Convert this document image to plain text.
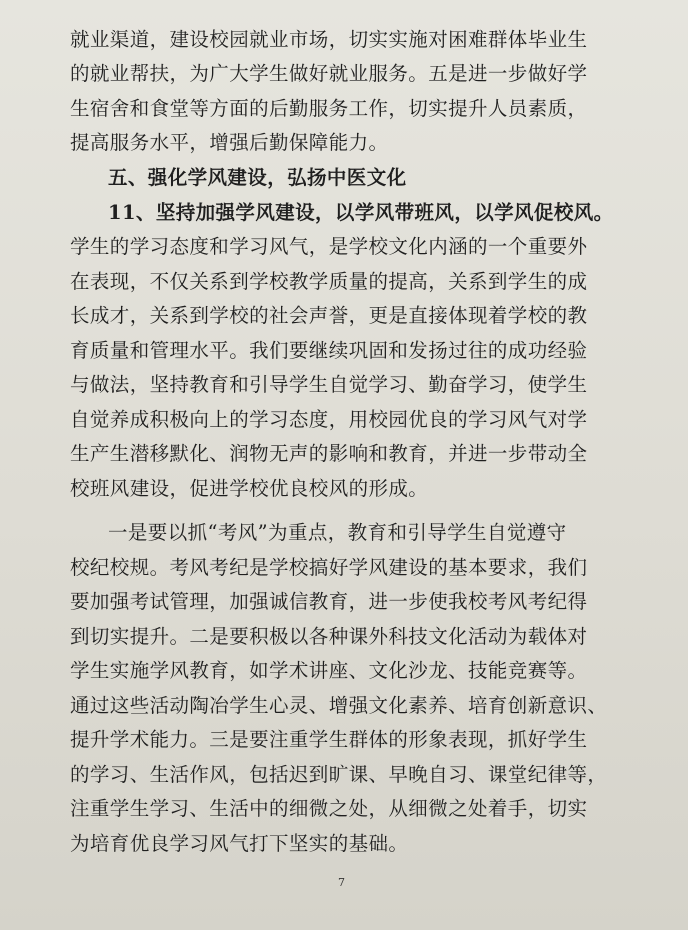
就业渠道，建设校园就业市场，切实实施对困难群体毕业生
的就业帮扶，为广大学生做好就业服务。五是进一步做好学
生宿舍和食堂等方面的后勤服务工作，切实提升人员素质，
提高服务水平，增强后勤保障能力。
五、强化学风建设，弘扬中医文化
11、坚持加强学风建设，以学风带班风，以学风促校风。
学生的学习态度和学习风气，是学校文化内涵的一个重要外
在表现，不仅关系到学校教学质量的提高，关系到学生的成
长成才，关系到学校的社会声誉，更是直接体现着学校的教
育质量和管理水平。我们要继续巩固和发扬过往的成功经验
与做法，坚持教育和引导学生自觉学习、勤奋学习，使学生
自觉养成积极向上的学习态度，用校园优良的学习风气对学
生产生潜移默化、润物无声的影响和教育，并进一步带动全
校班风建设，促进学校优良校风的形成。
一是要以抓“考风”为重点，教育和引导学生自觉遵守
校纪校规。考风考纪是学校搞好学风建设的基本要求，我们
要加强考试管理，加强诚信教育，进一步使我校考风考纪得
到切实提升。二是要积极以各种课外科技文化活动为载体对
学生实施学风教育，如学术讲座、文化沙龙、技能竞赛等。
通过这些活动陶冶学生心灵、增强文化素养、培育创新意识、
提升学术能力。三是要注重学生群体的形象表现，抓好学生
的学习、生活作风，包括迟到旷课、早晚自习、课堂纪律等，
注重学生学习、生活中的细微之处，从细微之处着手，切实
为培育优良学习风气打下坚实的基础。
7
